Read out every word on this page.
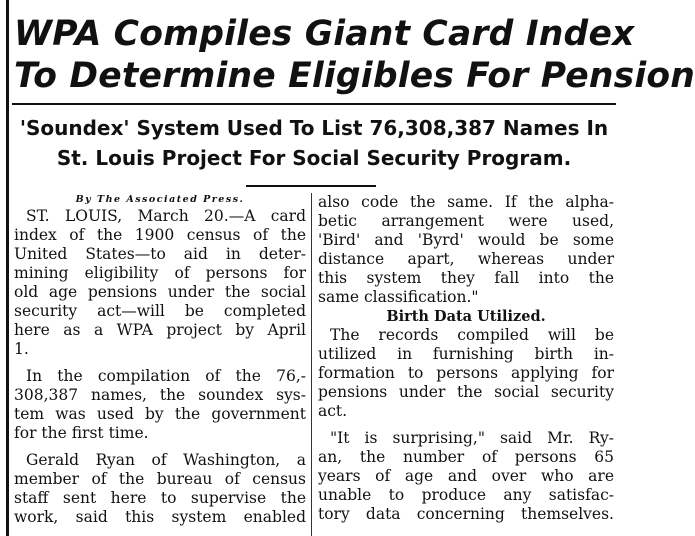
WPA Compiles Giant Card Index
To Determine Eligibles For Pension
'Soundex' System Used To List 76,308,387 Names In
St. Louis Project For Social Security Program.

By The Associated Press.

ST. LOUIS, March 20.—A card
index of the 1900 census of the
United States—to aid in deter-
mining eligibility of persons for
old age pensions under the social
security act—will be completed
here as a WPA project by April
1.

In the compilation of the 76,-
308,387 names, the soundex sys-
tem was used by the government
for the first time.

Gerald Ryan of Washington, a
member of the bureau of census
staff sent here to supervise the
work, said this system enabled

also code the same. If the alpha-
betic arrangement were used,
'Bird' and 'Byrd' would be some
distance apart, whereas under
this system they fall into the
same classification."

Birth Data Utilized.

The records compiled will be
utilized in furnishing birth in-
formation to persons applying for
pensions under the social security
act.

"It is surprising," said Mr. Ry-
an, the number of persons 65
years of age and over who are
unable to produce any satisfac-
tory data concerning themselves.
